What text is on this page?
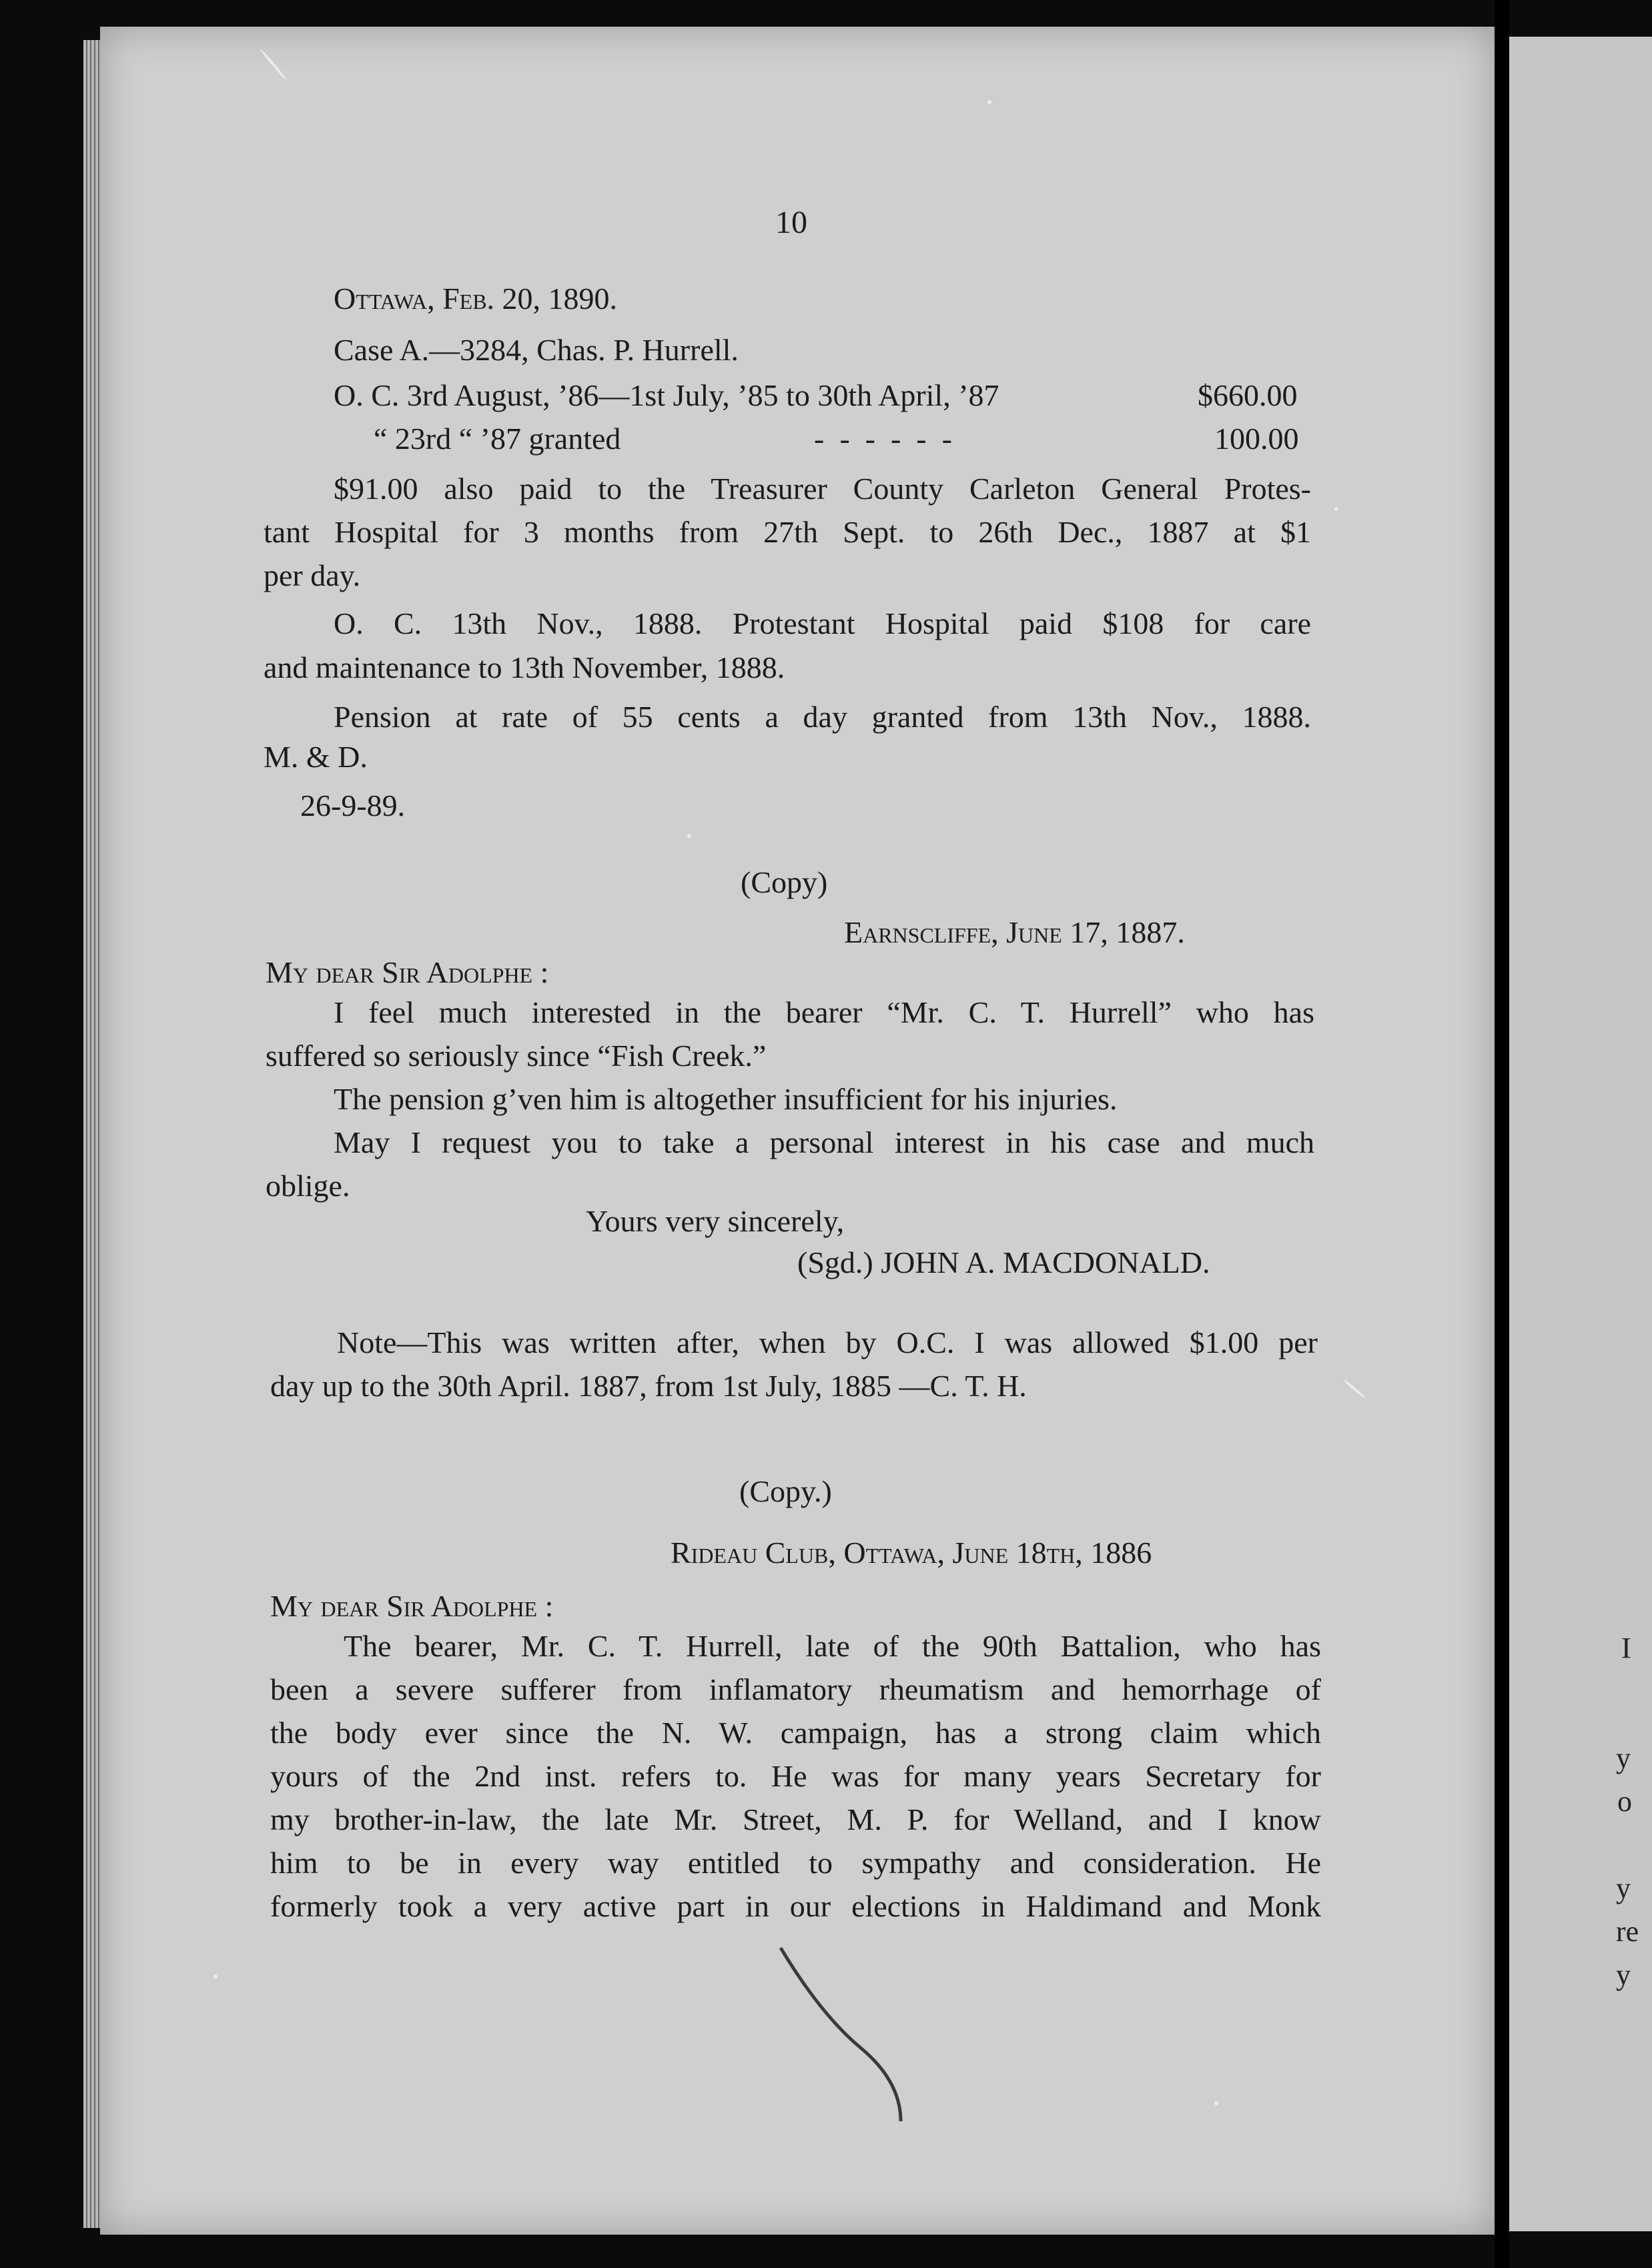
I
y
o
y
re
y

10

Ottawa, Feb. 20, 1890.

Case A.—3284, Chas. P. Hurrell.

O. C. 3rd August, ’86—1st July, ’85 to 30th April, ’87	$660.00

“ 23rd “ ’87 granted	-  -  -  -  -  -	100.00

$91.00 also paid to the Treasurer County Carleton General Protes-

tant Hospital for 3 months from 27th Sept. to 26th Dec., 1887 at $1

per day.

O. C. 13th Nov., 1888. Protestant Hospital paid $108 for care

and maintenance to 13th November, 1888.

Pension at rate of 55 cents a day granted from 13th Nov., 1888.

M. & D.

26-9-89.

(Copy)

Earnscliffe, June 17, 1887.

My dear Sir Adolphe :

I feel much interested in the bearer “Mr. C. T. Hurrell” who has

suffered so seriously since “Fish Creek.”

The pension g’ven him is altogether insufficient for his injuries.

May I request you to take a personal interest in his case and much

oblige.

Yours very sincerely,

(Sgd.) JOHN A. MACDONALD.

Note—This was written after, when by O.C. I was allowed $1.00 per

day up to the 30th April. 1887, from 1st July, 1885 —C. T. H.

(Copy.)

Rideau Club, Ottawa, June 18th, 1886

My dear Sir Adolphe :

The bearer, Mr. C. T. Hurrell, late of the 90th Battalion, who has

been a severe sufferer from inflamatory rheumatism and hemorrhage of

the body ever since the N. W. campaign, has a strong claim which

yours of the 2nd inst. refers to. He was for many years Secretary for

my brother-in-law, the late Mr. Street, M. P. for Welland, and I know

him to be in every way entitled to sympathy and consideration. He

formerly took a very active part in our elections in Haldimand and Monk
